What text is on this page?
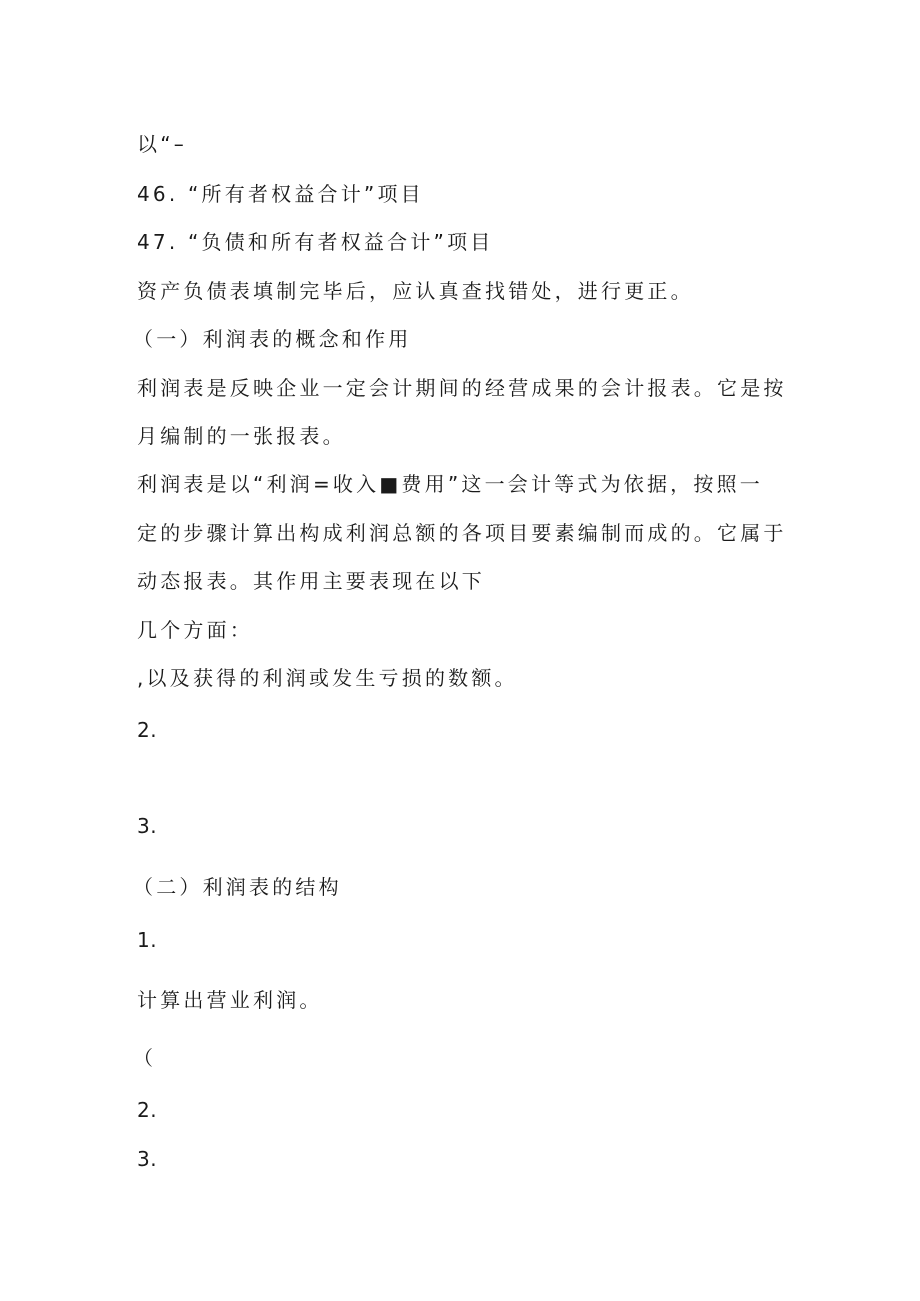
以“–
46. “所有者权益合计”项目
47. “负债和所有者权益合计”项目
资产负债表填制完毕后，应认真查找错处，进行更正。
（一）利润表的概念和作用
利润表是反映企业一定会计期间的经营成果的会计报表。它是按
月编制的一张报表。
利润表是以“利润=收入■费用”这一会计等式为依据，按照一
定的步骤计算出构成利润总额的各项目要素编制而成的。它属于
动态报表。其作用主要表现在以下
几个方面：
,以及获得的利润或发生亏损的数额。
2.
3.
（二）利润表的结构
1.
计算出营业利润。
（
2.
3.
